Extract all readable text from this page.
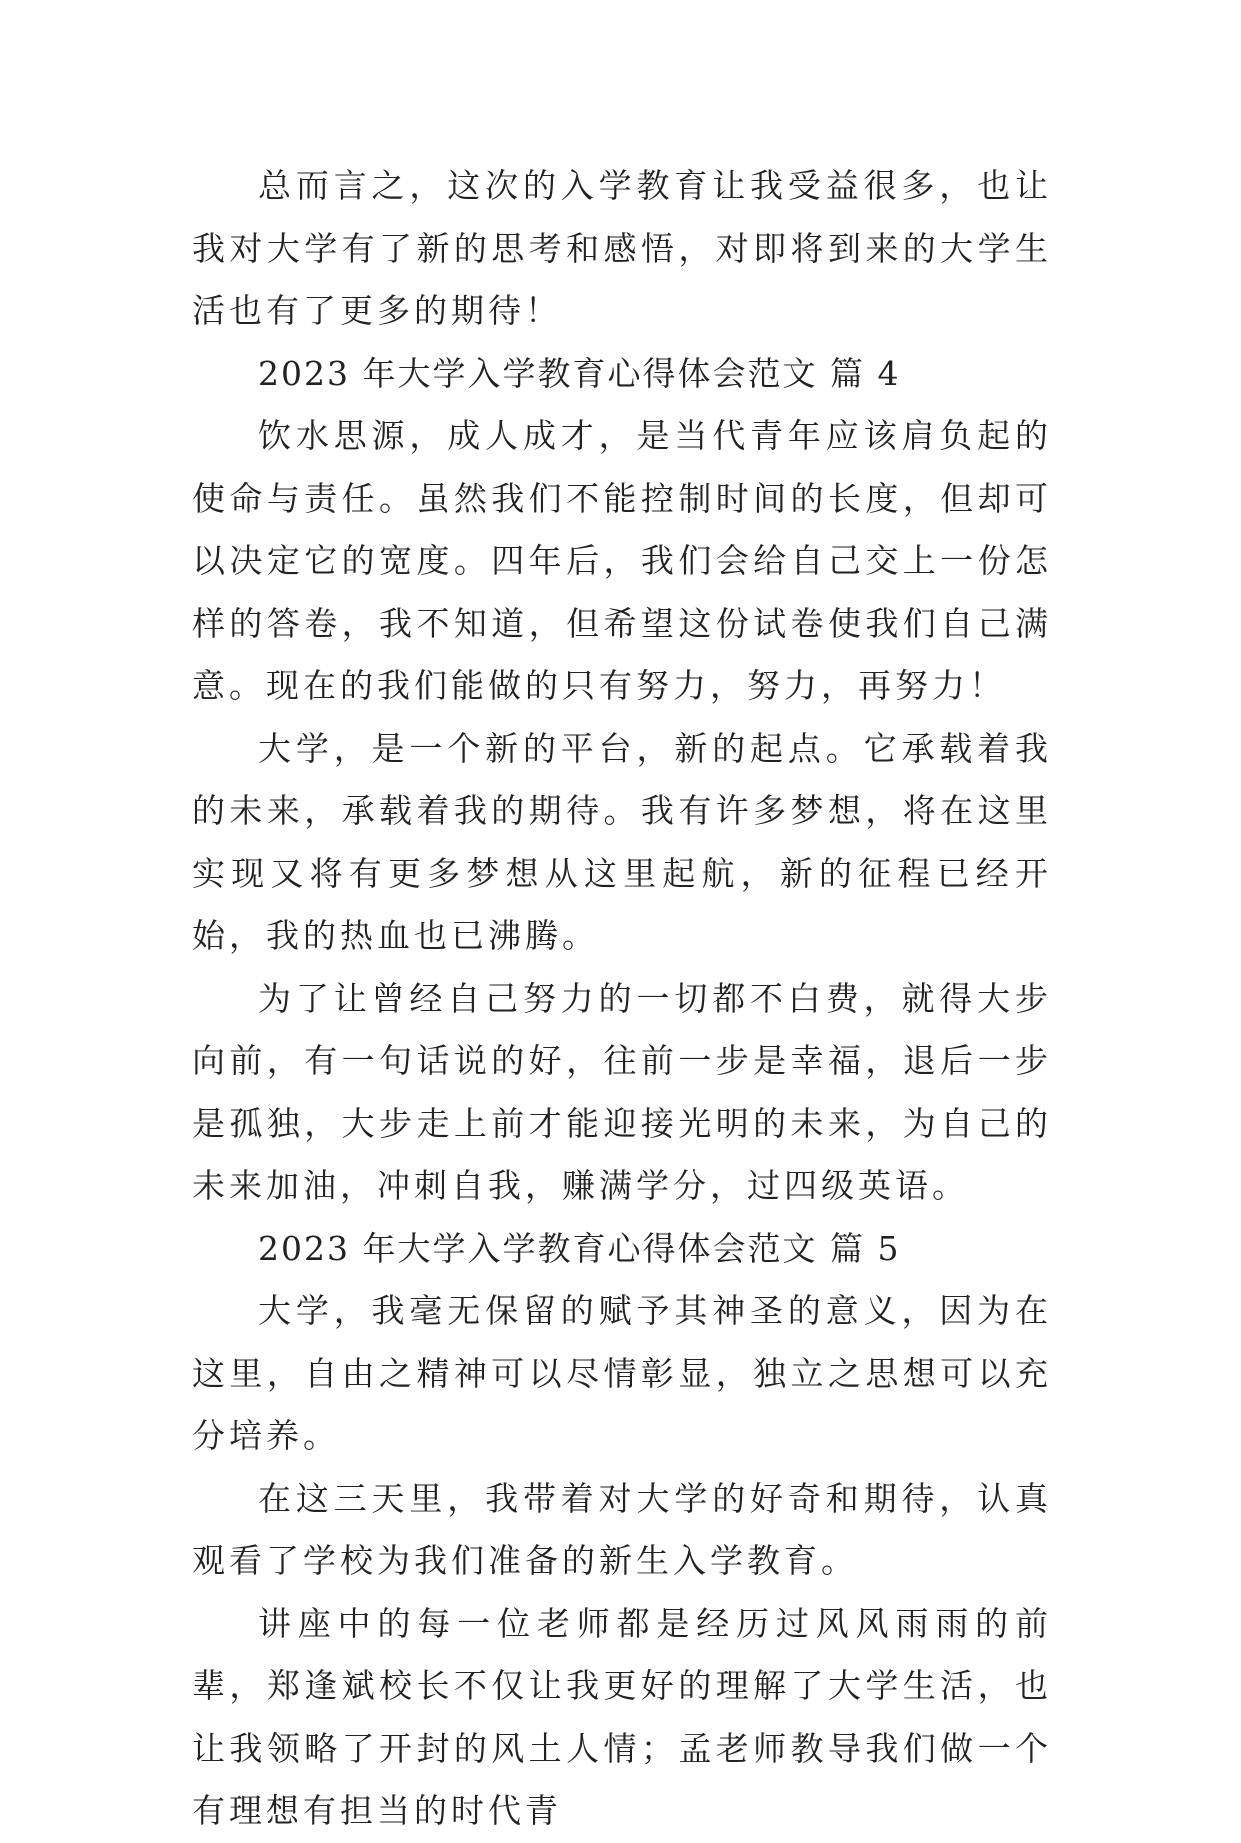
总而言之，这次的入学教育让我受益很多，也让我对大学有了新的思考和感悟，对即将到来的大学生活也有了更多的期待！

2023 年大学入学教育心得体会范文 篇 4

饮水思源，成人成才，是当代青年应该肩负起的使命与责任。虽然我们不能控制时间的长度，但却可以决定它的宽度。四年后，我们会给自己交上一份怎样的答卷，我不知道，但希望这份试卷使我们自己满意。现在的我们能做的只有努力，努力，再努力！

大学，是一个新的平台，新的起点。它承载着我的未来，承载着我的期待。我有许多梦想，将在这里实现又将有更多梦想从这里起航，新的征程已经开始，我的热血也已沸腾。

为了让曾经自己努力的一切都不白费，就得大步向前，有一句话说的好，往前一步是幸福，退后一步是孤独，大步走上前才能迎接光明的未来，为自己的未来加油，冲刺自我，赚满学分，过四级英语。

2023 年大学入学教育心得体会范文 篇 5

大学，我毫无保留的赋予其神圣的意义，因为在这里，自由之精神可以尽情彰显，独立之思想可以充分培养。

在这三天里，我带着对大学的好奇和期待，认真观看了学校为我们准备的新生入学教育。

讲座中的每一位老师都是经历过风风雨雨的前辈，郑逢斌校长不仅让我更好的理解了大学生活，也让我领略了开封的风土人情；孟老师教导我们做一个有理想有担当的时代青
